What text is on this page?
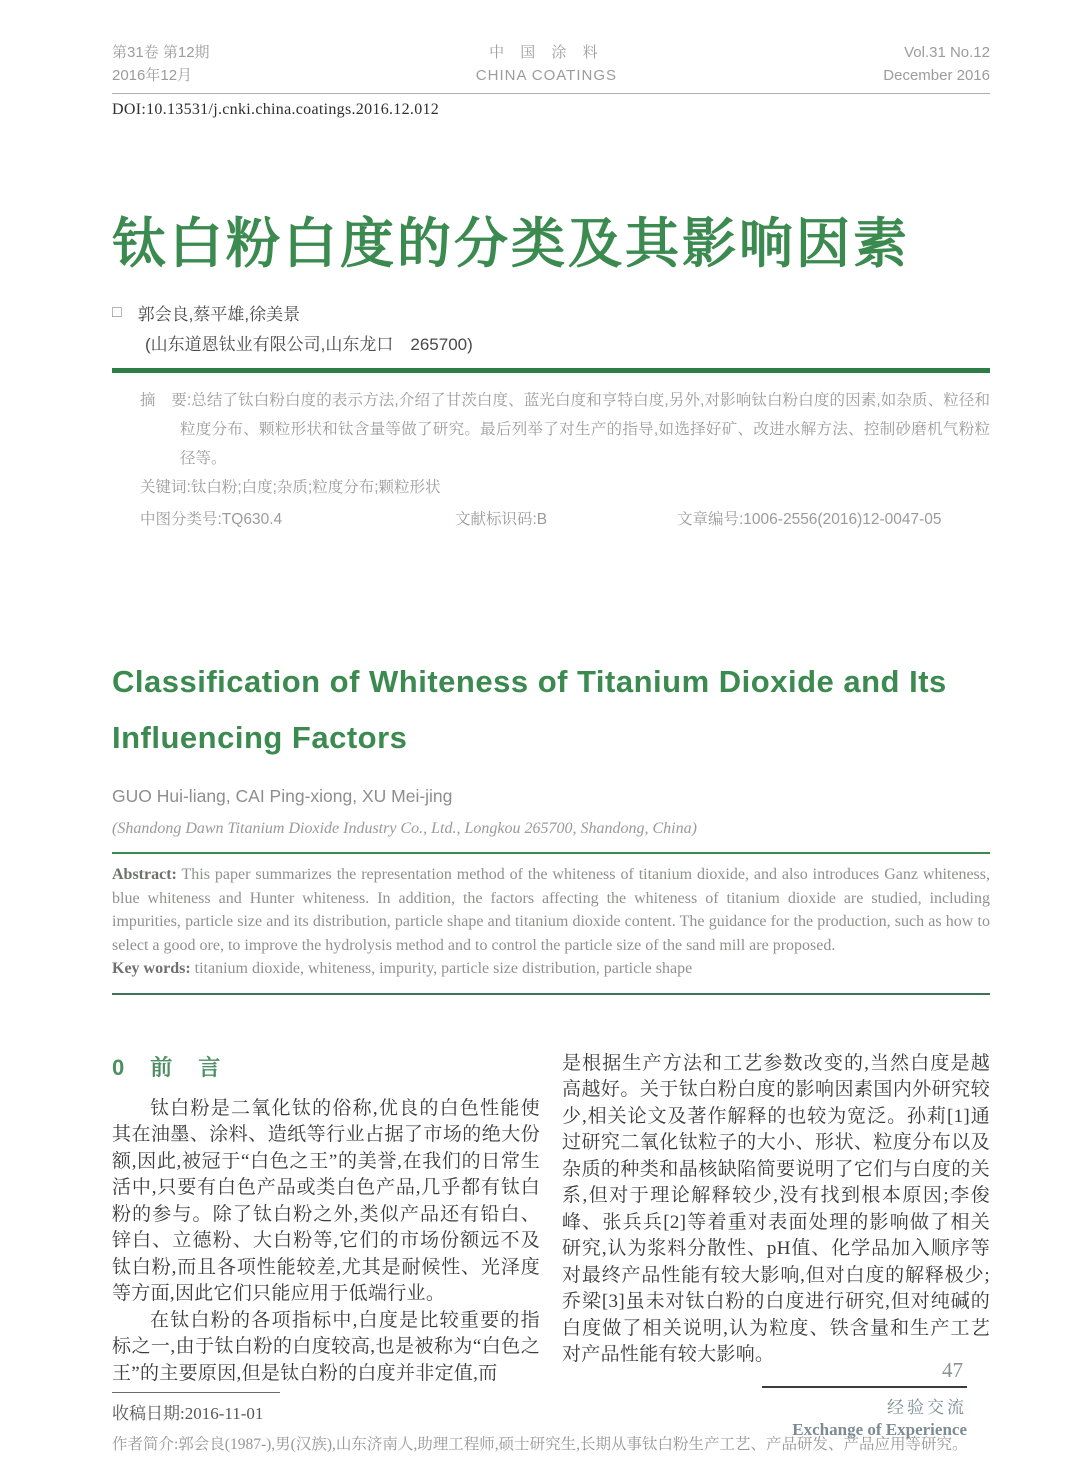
第31卷 第12期
2016年12月
中 国 涂 料
CHINA COATINGS
Vol.31 No.12
December 2016
DOI:10.13531/j.cnki.china.coatings.2016.12.012
钛白粉白度的分类及其影响因素
□ 郭会良,蔡平雄,徐美景
(山东道恩钛业有限公司,山东龙口　265700)

摘　要:总结了钛白粉白度的表示方法,介绍了甘茨白度、蓝光白度和亨特白度,另外,对影响钛白粉白度的因素,如杂质、粒径和粒度分布、颗粒形状和钛含量等做了研究。最后列举了对生产的指导,如选择好矿、改进水解方法、控制砂磨机气粉粒径等。

关键词:钛白粉;白度;杂质;粒度分布;颗粒形状

中图分类号:TQ630.4	文献标识码:B	文章编号:1006-2556(2016)12-0047-05
Classification of Whiteness of Titanium Dioxide and Its
Influencing Factors
GUO Hui-liang, CAI Ping-xiong, XU Mei-jing
(Shandong Dawn Titanium Dioxide Industry Co., Ltd., Longkou 265700, Shandong, China)

Abstract: This paper summarizes the representation method of the whiteness of titanium dioxide, and also introduces Ganz whiteness, blue whiteness and Hunter whiteness. In addition, the factors affecting the whiteness of titanium dioxide are studied, including impurities, particle size and its distribution, particle shape and titanium dioxide content. The guidance for the production, such as how to select a good ore, to improve the hydrolysis method and to control the particle size of the sand mill are proposed.

Key words: titanium dioxide, whiteness, impurity, particle size distribution, particle shape

0　前　言

钛白粉是二氧化钛的俗称,优良的白色性能使其在油墨、涂料、造纸等行业占据了市场的绝大份额,因此,被冠于“白色之王”的美誉,在我们的日常生活中,只要有白色产品或类白色产品,几乎都有钛白粉的参与。除了钛白粉之外,类似产品还有铅白、锌白、立德粉、大白粉等,它们的市场份额远不及钛白粉,而且各项性能较差,尤其是耐候性、光泽度等方面,因此它们只能应用于低端行业。

在钛白粉的各项指标中,白度是比较重要的指标之一,由于钛白粉的白度较高,也是被称为“白色之王”的主要原因,但是钛白粉的白度并非定值,而

是根据生产方法和工艺参数改变的,当然白度是越高越好。关于钛白粉白度的影响因素国内外研究较少,相关论文及著作解释的也较为宽泛。孙莉[1]通过研究二氧化钛粒子的大小、形状、粒度分布以及杂质的种类和晶核缺陷简要说明了它们与白度的关系,但对于理论解释较少,没有找到根本原因;李俊峰、张兵兵[2]等着重对表面处理的影响做了相关研究,认为浆料分散性、pH值、化学品加入顺序等对最终产品性能有较大影响,但对白度的解释极少;乔梁[3]虽未对钛白粉的白度进行研究,但对纯碱的白度做了相关说明,认为粒度、铁含量和生产工艺对产品性能有较大影响。

收稿日期:2016-11-01
作者简介:郭会良(1987-),男(汉族),山东济南人,助理工程师,硕士研究生,长期从事钛白粉生产工艺、产品研发、产品应用等研究。
47
经验交流
Exchange of Experience
